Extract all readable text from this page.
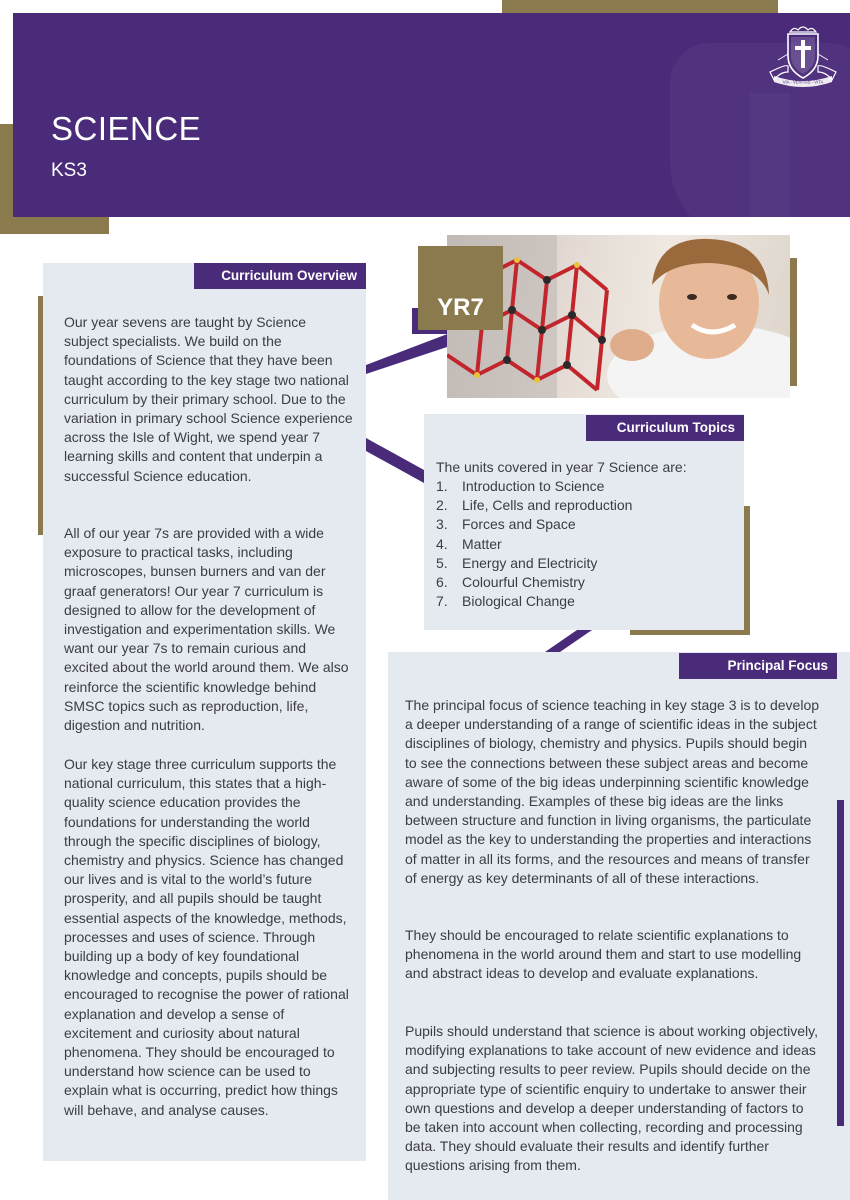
SCIENCE
KS3
VIA · VERITAS · VITA
Curriculum Overview
Our year sevens are taught by Science subject specialists. We build on the foundations of Science that they have been taught according to the key stage two national curriculum by their primary school. Due to the variation in primary school Science experience across the Isle of Wight, we spend year 7 learning skills and content that underpin a successful Science education.
All of our year 7s are provided with a wide exposure to practical tasks, including microscopes, bunsen burners and van der graaf generators! Our year 7 curriculum is designed to allow for the development of investigation and experimentation skills. We want our year 7s to remain curious and excited about the world around them. We also reinforce the scientific knowledge behind SMSC topics such as reproduction, life, digestion and nutrition.
Our key stage three curriculum supports the national curriculum, this states that a high-quality science education provides the foundations for understanding the world through the specific disciplines of biology, chemistry and physics. Science has changed our lives and is vital to the world’s future prosperity, and all pupils should be taught essential aspects of the knowledge, methods, processes and uses of science. Through building up a body of key foundational knowledge and concepts, pupils should be encouraged to recognise the power of rational explanation and develop a sense of excitement and curiosity about natural phenomena. They should be encouraged to understand how science can be used to explain what is occurring, predict how things will behave, and analyse causes.
YR7
Curriculum Topics
The units covered in year 7 Science are:
1. Introduction to Science
2. Life, Cells and reproduction
3. Forces and Space
4. Matter
5. Energy and Electricity
6. Colourful Chemistry
7. Biological Change
Principal Focus
The principal focus of science teaching in key stage 3 is to develop a deeper understanding of a range of scientific ideas in the subject disciplines of biology, chemistry and physics. Pupils should begin to see the connections between these subject areas and become aware of some of the big ideas underpinning scientific knowledge and understanding. Examples of these big ideas are the links between structure and function in living organisms, the particulate model as the key to understanding the properties and interactions of matter in all its forms, and the resources and means of transfer of energy as key determinants of all of these interactions.
They should be encouraged to relate scientific explanations to phenomena in the world around them and start to use modelling and abstract ideas to develop and evaluate explanations.
Pupils should understand that science is about working objectively, modifying explanations to take account of new evidence and ideas and subjecting results to peer review. Pupils should decide on the appropriate type of scientific enquiry to undertake to answer their own questions and develop a deeper understanding of factors to be taken into account when collecting, recording and processing data. They should evaluate their results and identify further questions arising from them.
